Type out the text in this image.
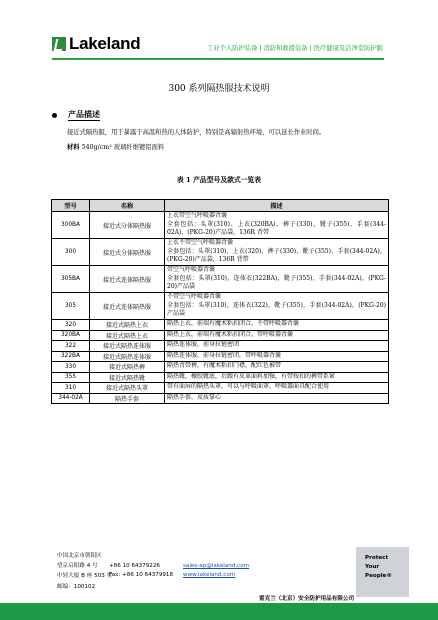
Lakeland	工业个人防护装备 | 消防和救援装备 | 医疗健康及洁净室防护服
300 系列隔热服技术说明
产品描述
接近式隔热服，用于暴露于高温和热的人体防护，特别是高辐射热环境，可以延长作业时间。
材料 540g/cm² 玻璃纤维镀铝面料
表 1 产品型号及款式一览表
型号	名称	描述
300BA	接近式分体隔热服	上衣带空气呼吸器背囊
全套包括：头罩(310)、上衣(320BA)，裤子(330)，靴子(355)，手套(344-02A)，(PKG-20)产品袋，136R 背带
300	接近式分体隔热服	上衣不带空气呼吸器背囊
全套包括：头罩(310)，上衣(320)，裤子(330)，靴子(355)，手套(344-02A)，(PKG-20)产品袋，136R 背带
305BA	接近式连体隔热服	带空气呼吸器背囊
全套包括：头罩(310)，连体衣(322BA)，靴子(355)，手套(344-02A)，(PKG-20)产品袋
305	接近式连体隔热服	不带空气呼吸器背囊
全套包括：头罩(310)，连体衣(322)，靴子(355)，手套(344-02A)，(PKG-20)产品袋
320	接近式隔热上衣	隔热上衣，前端有魔术粘扣闭合，不带呼吸器背囊
320BA	接近式隔热上衣	隔热上衣，前端有魔术粘扣闭合，带呼吸器背囊
322	接近式隔热连体服	隔热连体服，前身拉链密闭
322BA	接近式隔热连体服	隔热连体服，前身拉链密闭，带呼吸器背囊
330	接近式隔热裤	隔热背带裤，有魔术粘扣门襟，配红色被带
355	接近式隔热靴	隔热靴，橡胶靴底，后跟有皮革面料加强，有带按扣的裤带系紧
310	接近式隔热头罩	带有面屏的隔热头罩，可以与呼吸面罩、呼吸器面具配合使用
344-02A	隔热手套	隔热手套，皮质掌心
中国北京市朝阳区
望京启阳路 4 号
中轻大厦 B 座 503 室
邮编：100102
+86 10 64379226
Fax: +86 10 64379918
sales-ap@lakeland.com
www.lakeland.com
雷克兰（北京）安全防护用品有限公司
Protect
Your
People®
